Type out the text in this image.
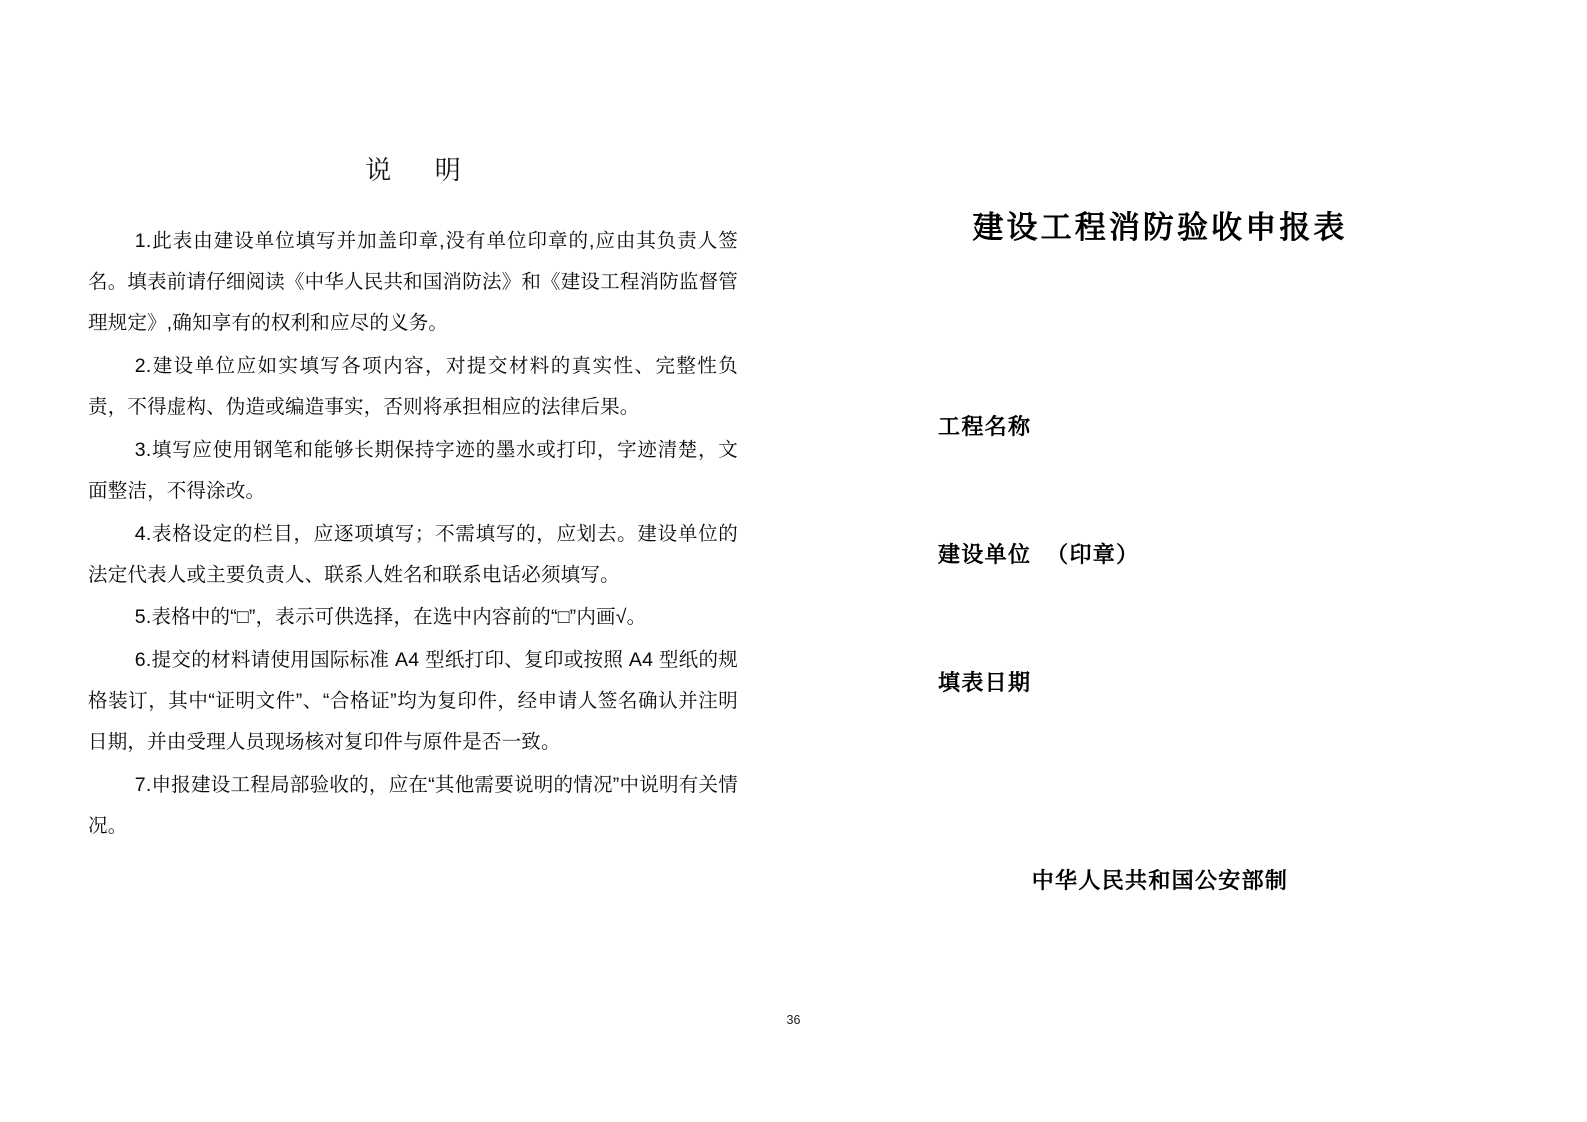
说 明
1.此表由建设单位填写并加盖印章,没有单位印章的,应由其负责人签名。填表前请仔细阅读《中华人民共和国消防法》和《建设工程消防监督管理规定》,确知享有的权利和应尽的义务。
2.建设单位应如实填写各项内容，对提交材料的真实性、完整性负责，不得虚构、伪造或编造事实，否则将承担相应的法律后果。
3.填写应使用钢笔和能够长期保持字迹的墨水或打印，字迹清楚，文面整洁，不得涂改。
4.表格设定的栏目，应逐项填写；不需填写的，应划去。建设单位的法定代表人或主要负责人、联系人姓名和联系电话必须填写。
5.表格中的“□”，表示可供选择，在选中内容前的“□”内画√。
6.提交的材料请使用国际标准 A4 型纸打印、复印或按照 A4 型纸的规格装订，其中“证明文件”、“合格证”均为复印件，经申请人签名确认并注明日期，并由受理人员现场核对复印件与原件是否一致。
7.申报建设工程局部验收的，应在“其他需要说明的情况”中说明有关情况。
建设工程消防验收申报表
工程名称
建设单位  （印章）
填表日期
中华人民共和国公安部制
36
